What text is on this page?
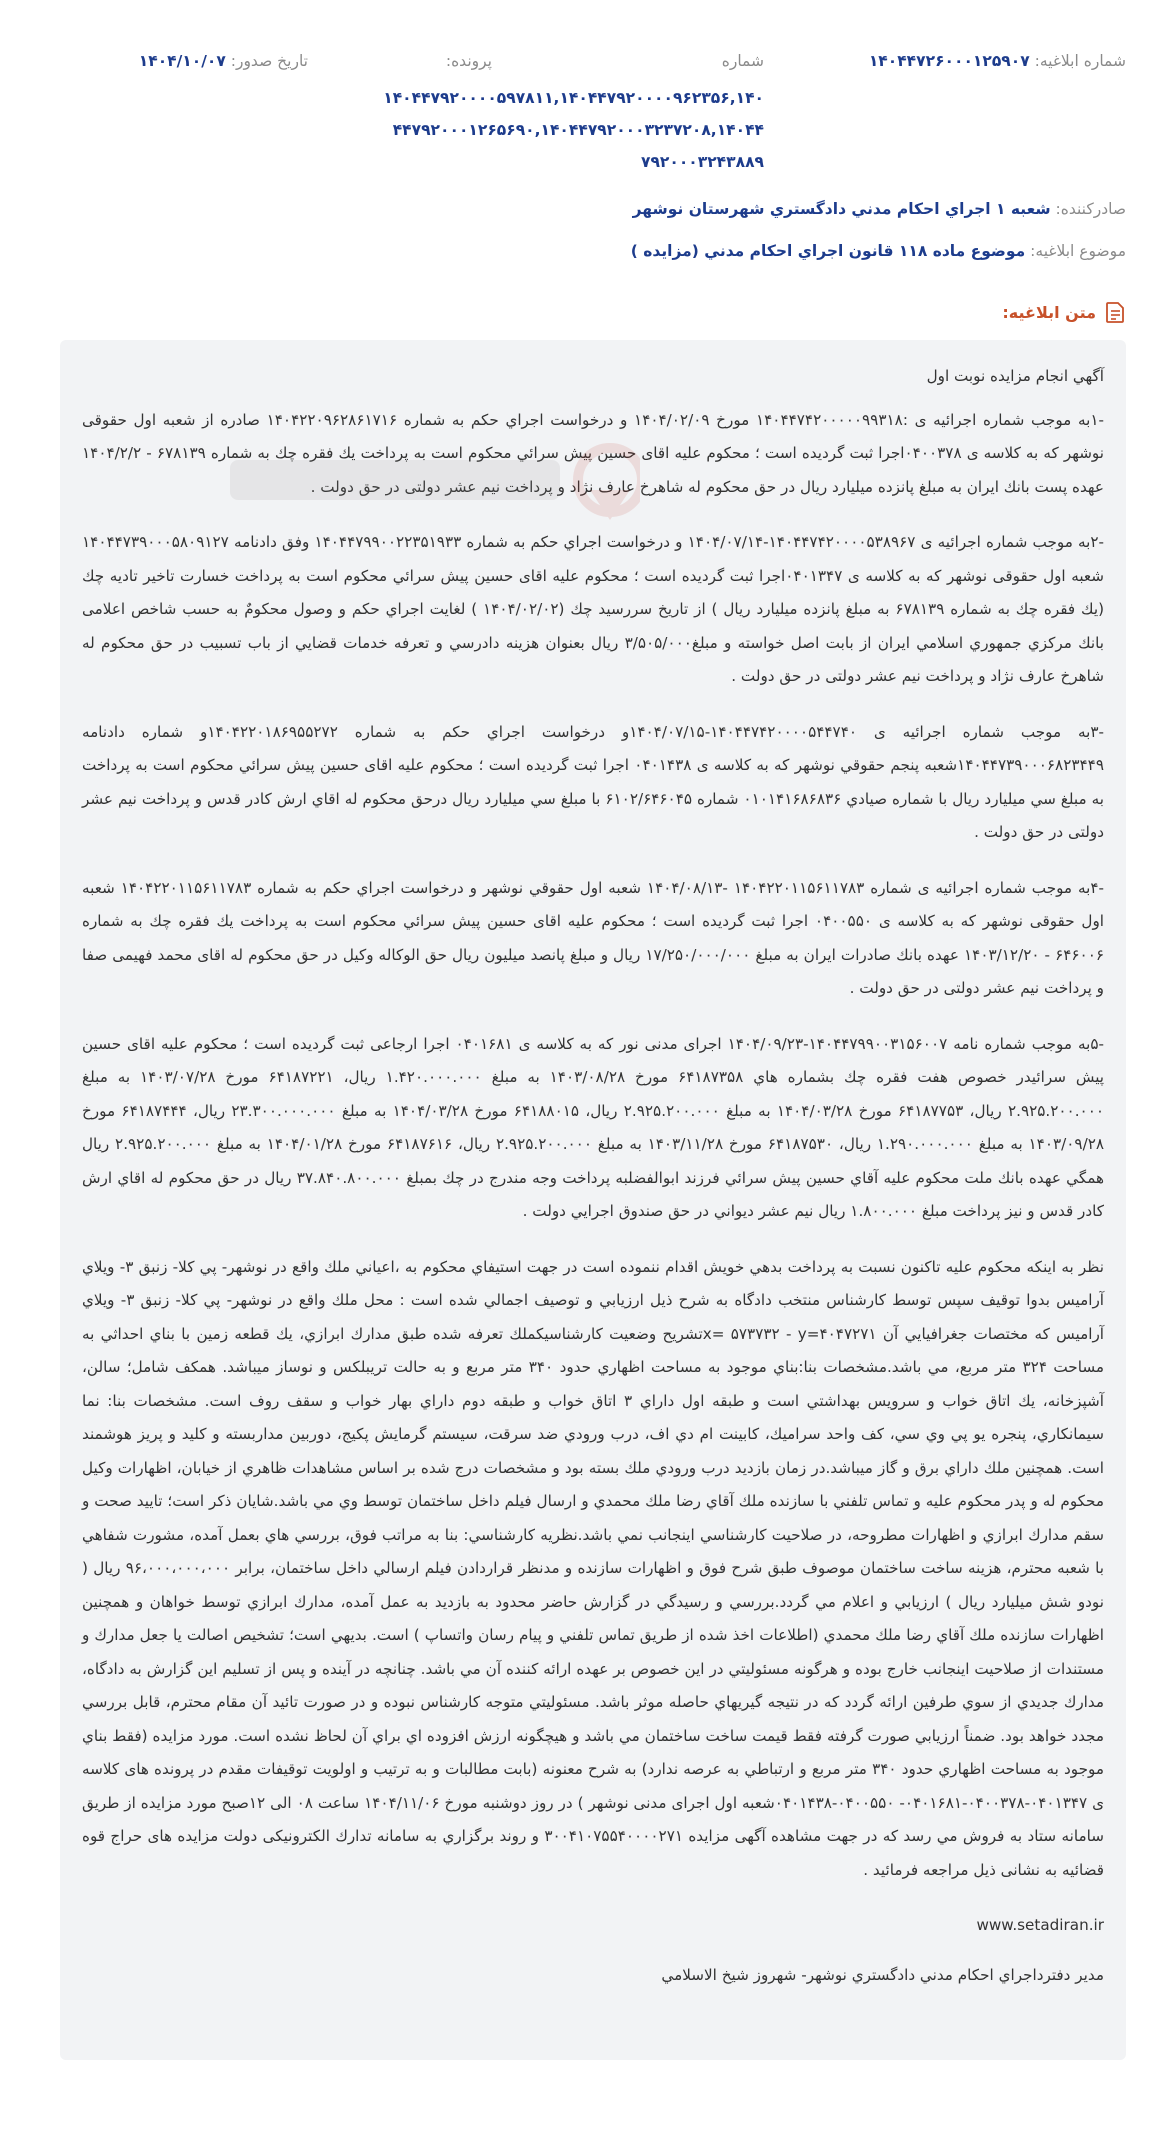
شماره ابلاغيه: ۱۴۰۴۴۷۲۶۰۰۰۱۲۵۹۰۷
شماره
۱۴۰۴۴۷۹۲۰۰۰۰۵۹۷۸۱۱,۱۴۰۴۴۷۹۲۰۰۰۰۹۶۲۳۵۶,۱۴۰
۴۴۷۹۲۰۰۰۱۲۶۵۶۹۰,۱۴۰۴۴۷۹۲۰۰۰۳۲۳۷۲۰۸,۱۴۰۴۴
۷۹۲۰۰۰۳۲۴۳۸۸۹
پرونده:
تاريخ صدور: ۱۴۰۴/۱۰/۰۷
صادرکننده: شعبه ۱ اجراي احكام مدني دادگستري شهرستان نوشهر
موضوع ابلاغيه: موضوع ماده ۱۱۸ قانون اجراي احكام مدني (مزايده )
متن ابلاغيه:

آگهي انجام مزايده نوبت اول

-۱به موجب شماره اجرائيه ی :۱۴۰۴۴۷۴۲۰۰۰۰۰۹۹۳۱۸ مورخ ۱۴۰۴/۰۲/۰۹ و درخواست اجراي حكم به شماره ۱۴۰۴۲۲۰۹۶۲۸۶۱۷۱۶ صادره از شعبه اول حقوقی نوشهر که به کلاسه ی ۰۴۰۰۳۷۸اجرا ثبت گردیده است ؛ محكوم عليه اقای حسین پیش سرائي محکوم است به پرداخت یك فقره چك به شماره ۶۷۸۱۳۹ - ۱۴۰۴/۲/۲ عهده پست بانك ایران به مبلغ پانزده ميليارد ريال در حق محکوم له شاهرخ عارف نژاد و پرداخت نيم عشر دولتی در حق دولت .

-۲به موجب شماره اجرائيه ی ۱۴۰۴۴۷۴۲۰۰۰۰۵۳۸۹۶۷-۱۴۰۴/۰۷/۱۴ و درخواست اجراي حكم به شماره ۱۴۰۴۴۷۹۹۰۰۲۲۳۵۱۹۳۳ وفق دادنامه ۱۴۰۴۴۷۳۹۰۰۰۵۸۰۹۱۲۷ شعبه اول حقوقی نوشهر که به کلاسه ی ۰۴۰۱۳۴۷اجرا ثبت گردیده است ؛ محكوم عليه اقای حسین پیش سرائي محکوم است به پرداخت خسارت تاخير تاديه چك (يك فقره چك به شماره ۶۷۸۱۳۹ به مبلغ پانزده ميليارد ريال ) از تاريخ سررسيد چك (۱۴۰۴/۰۲/۰۲ ) لغايت اجراي حكم و وصول محکومٌ به حسب شاخص اعلامی بانك مركزي جمهوري اسلامي ايران از بابت اصل خواسته و مبلغ۳/۵۰۵/۰۰۰ ريال بعنوان هزينه دادرسي و تعرفه خدمات قضايي از باب تسبيب در حق محکوم له شاهرخ عارف نژاد و پرداخت نيم عشر دولتی در حق دولت .

-۳به موجب شماره اجرائيه ی ۱۴۰۴۴۷۴۲۰۰۰۰۵۴۴۷۴۰-۱۴۰۴/۰۷/۱۵و درخواست اجراي حكم به شماره ۱۴۰۴۲۲۰۱۸۶۹۵۵۲۷۲و شماره دادنامه ۱۴۰۴۴۷۳۹۰۰۰۶۸۲۳۴۴۹شعبه پنجم حقوقي نوشهر که به کلاسه ی ۰۴۰۱۴۳۸ اجرا ثبت گردیده است ؛ محكوم عليه اقای حسین پیش سرائي محکوم است به پرداخت به مبلغ سي ميليارد ريال با شماره صيادي ۰۱۰۱۴۱۶۸۶۸۳۶ شماره ۶۱۰۲/۶۴۶۰۴۵ با مبلغ سي ميليارد ريال درحق محکوم له اقاي ارش كادر قدس و پرداخت نيم عشر دولتی در حق دولت .

-۴به موجب شماره اجرائيه ی شماره ۱۴۰۴۲۲۰۱۱۵۶۱۱۷۸۳ -۱۴۰۴/۰۸/۱۳ شعبه اول حقوقي نوشهر و درخواست اجراي حكم به شماره ۱۴۰۴۲۲۰۱۱۵۶۱۱۷۸۳ شعبه اول حقوقی نوشهر که به کلاسه ی ۰۴۰۰۵۵۰ اجرا ثبت گردیده است ؛ محكوم عليه اقای حسین پیش سرائي محکوم است به پرداخت يك فقره چك به شماره ۶۴۶۰۰۶ - ۱۴۰۳/۱۲/۲۰ عهده بانك صادرات ايران به مبلغ ۱۷/۲۵۰/۰۰۰/۰۰۰ ريال و مبلغ پانصد ميليون ريال حق الوكاله وكيل در حق محکوم له اقای محمد فهيمی صفا و پرداخت نيم عشر دولتی در حق دولت .

-۵به موجب شماره نامه ۱۴۰۴۴۷۹۹۰۰۳۱۵۶۰۰۷-۱۴۰۴/۰۹/۲۳ اجرای مدنی نور که به کلاسه ی ۰۴۰۱۶۸۱ اجرا ارجاعی ثبت گردیده است ؛ محكوم عليه اقای حسین پیش سرائيدر خصوص هفت فقره چك بشماره هاي ۶۴۱۸۷۳۵۸ مورخ ۱۴۰۳/۰۸/۲۸ به مبلغ ۱.۴۲۰.۰۰۰.۰۰۰ ريال، ۶۴۱۸۷۲۲۱ مورخ ۱۴۰۳/۰۷/۲۸ به مبلغ ۲.۹۲۵.۲۰۰.۰۰۰ ريال، ۶۴۱۸۷۷۵۳ مورخ ۱۴۰۴/۰۳/۲۸ به مبلغ ۲.۹۲۵.۲۰۰.۰۰۰ ريال، ۶۴۱۸۸۰۱۵ مورخ ۱۴۰۴/۰۳/۲۸ به مبلغ ۲۳.۳۰۰.۰۰۰.۰۰۰ ريال، ۶۴۱۸۷۴۴۴ مورخ ۱۴۰۳/۰۹/۲۸ به مبلغ ۱.۲۹۰.۰۰۰.۰۰۰ ريال، ۶۴۱۸۷۵۳۰ مورخ ۱۴۰۳/۱۱/۲۸ به مبلغ ۲.۹۲۵.۲۰۰.۰۰۰ ريال، ۶۴۱۸۷۶۱۶ مورخ ۱۴۰۴/۰۱/۲۸ به مبلغ ۲.۹۲۵.۲۰۰.۰۰۰ ريال همگي عهده بانك ملت محكوم عليه آقاي حسين پيش سرائي فرزند ابوالفضلبه پرداخت وجه مندرج در چك بمبلغ ۳۷.۸۴۰.۸۰۰.۰۰۰ ريال در حق محكوم له اقاي ارش كادر قدس و نيز پرداخت مبلغ ۱.۸۰۰.۰۰۰ ريال نيم عشر ديواني در حق صندوق اجرايي دولت .

نظر به اینکه محکوم علیه تاکنون نسبت به پرداخت بدهي خويش اقدام ننموده است در جهت استيفاي محكوم به ،اعياني ملك واقع در نوشهر- پي كلا- زنبق ۳- ويلاي آراميس بدوا توقيف سپس توسط كارشناس منتخب دادگاه به شرح ذيل ارزيابي و توصيف اجمالي شده است : محل ملك واقع در نوشهر- پي كلا- زنبق ۳- ويلاي آراميس كه مختصات جغرافيايي آن x= ۵۷۳۷۳۲ - y=۴۰۴۷۲۷۱تشريح وضعيت كارشناسيكملك تعرفه شده طبق مدارك ابرازي، يك قطعه زمين با بناي احداثي به مساحت ۳۲۴ متر مربع، مي باشد.مشخصات بنا:بناي موجود به مساحت اظهاري حدود ۳۴۰ متر مربع و به حالت تريبلكس و نوساز ميباشد. همكف شامل؛ سالن، آشپزخانه، يك اتاق خواب و سرويس بهداشتي است و طبقه اول داراي ۳ اتاق خواب و طبقه دوم داراي بهار خواب و سقف روف است. مشخصات بنا: نما سيمانكاري، پنجره يو پي وي سي، كف واحد سراميك، كابينت ام دي اف، درب ورودي ضد سرقت، سيستم گرمايش پكيج، دوربين مداربسته و كليد و پريز هوشمند است. همچنين ملك داراي برق و گاز ميباشد.در زمان بازديد درب ورودي ملك بسته بود و مشخصات درج شده بر اساس مشاهدات ظاهري از خيابان، اظهارات وكيل محكوم له و پدر محكوم عليه و تماس تلفني با سازنده ملك آقاي رضا ملك محمدي و ارسال فيلم داخل ساختمان توسط وي مي باشد.شايان ذكر است؛ تاييد صحت و سقم مدارك ابرازي و اظهارات مطروحه، در صلاحيت كارشناسي اينجانب نمي باشد.نظريه كارشناسي: بنا به مراتب فوق، بررسي هاي بعمل آمده، مشورت شفاهي با شعبه محترم، هزينه ساخت ساختمان موصوف طبق شرح فوق و اظهارات سازنده و مدنظر قراردادن فيلم ارسالي داخل ساختمان، برابر ۹۶،۰۰۰،۰۰۰،۰۰۰ ريال ( نودو شش ميليارد ريال ) ارزيابي و اعلام مي گردد.بررسي و رسيدگي در گزارش حاضر محدود به بازديد به عمل آمده، مدارك ابرازي توسط خواهان و همچنين اظهارات سازنده ملك آقاي رضا ملك محمدي (اطلاعات اخذ شده از طريق تماس تلفني و پيام رسان واتساپ ) است. بديهي است؛ تشخيص اصالت يا جعل مدارك و مستندات از صلاحيت اينجانب خارج بوده و هرگونه مسئوليتي در اين خصوص بر عهده ارائه كننده آن مي باشد. چنانچه در آينده و پس از تسليم اين گزارش به دادگاه، مدارك جديدي از سوي طرفين ارائه گردد كه در نتيجه گيريهاي حاصله موثر باشد. مسئوليتي متوجه كارشناس نبوده و در صورت تائيد آن مقام محترم، قابل بررسي مجدد خواهد بود. ضمناً ارزيابي صورت گرفته فقط قيمت ساخت ساختمان مي باشد و هيچگونه ارزش افزوده اي براي آن لحاظ نشده است. مورد مزايده (فقط بناي موجود به مساحت اظهاري حدود ۳۴۰ متر مربع و ارتباطي به عرصه ندارد) به شرح معنونه (بابت مطالبات و به ترتيب و اولويت توقيفات مقدم در پرونده های کلاسه ی ۰۴۰۱۳۴۷-۰۴۰۰۳۷۸-۰۴۰۱۶۸۱- ۰۴۰۰۵۵۰-۰۴۰۱۴۳۸شعبه اول اجرای مدنی نوشهر ) در روز دوشنبه مورخ ۱۴۰۴/۱۱/۰۶ ساعت ۰۸ الی ۱۲صبح مورد مزايده از طريق سامانه ستاد به فروش مي رسد كه در جهت مشاهده آگهی مزايده ۳۰۰۴۱۰۷۵۵۴۰۰۰۰۲۷۱ و روند برگزاري به سامانه تدارك الكترونيكی دولت مزايده های حراج قوه قضائيه به نشانی ذيل مراجعه فرمائيد .

www.setadiran.ir

مدير دفترداجراي احكام مدني دادگستري نوشهر- شهروز شيخ الاسلامي
